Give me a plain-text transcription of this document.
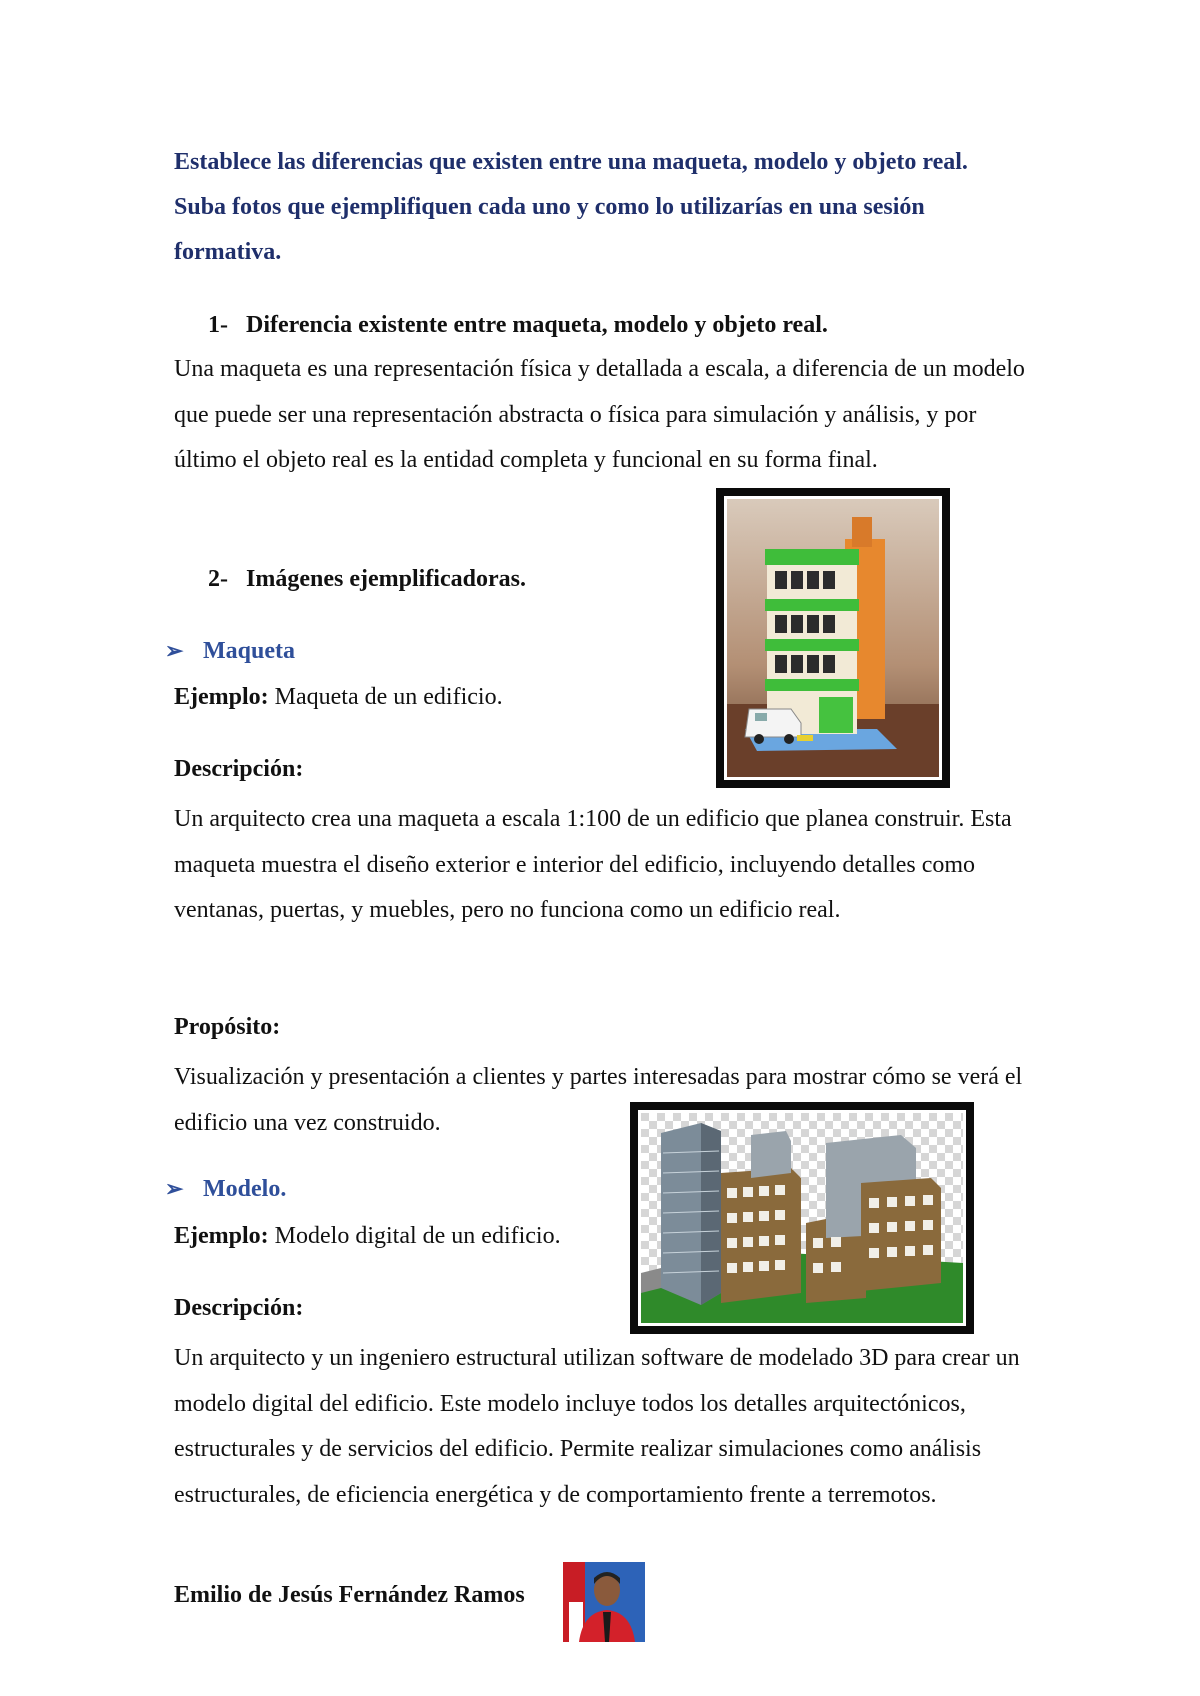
Establece las diferencias que existen entre una maqueta, modelo y objeto real. Suba fotos que ejemplifiquen cada uno y como lo utilizarías en una sesión formativa.

1- Diferencia existente entre maqueta, modelo y objeto real.

Una maqueta es una representación física y detallada a escala, a diferencia de un modelo que puede ser una representación abstracta o física para simulación y análisis, y por último el objeto real es la entidad completa y funcional en su forma final.

2- Imágenes ejemplificadoras.

➢ Maqueta

Ejemplo: Maqueta de un edificio.

Descripción:

Un arquitecto crea una maqueta a escala 1:100 de un edificio que planea construir. Esta maqueta muestra el diseño exterior e interior del edificio, incluyendo detalles como ventanas, puertas, y muebles, pero no funciona como un edificio real.

Propósito:

Visualización y presentación a clientes y partes interesadas para mostrar cómo se verá el edificio una vez construido.

➢ Modelo.

Ejemplo: Modelo digital de un edificio.

Descripción:

Un arquitecto y un ingeniero estructural utilizan software de modelado 3D para crear un modelo digital del edificio. Este modelo incluye todos los detalles arquitectónicos, estructurales y de servicios del edificio. Permite realizar simulaciones como análisis estructurales, de eficiencia energética y de comportamiento frente a terremotos.

Emilio de Jesús Fernández Ramos
